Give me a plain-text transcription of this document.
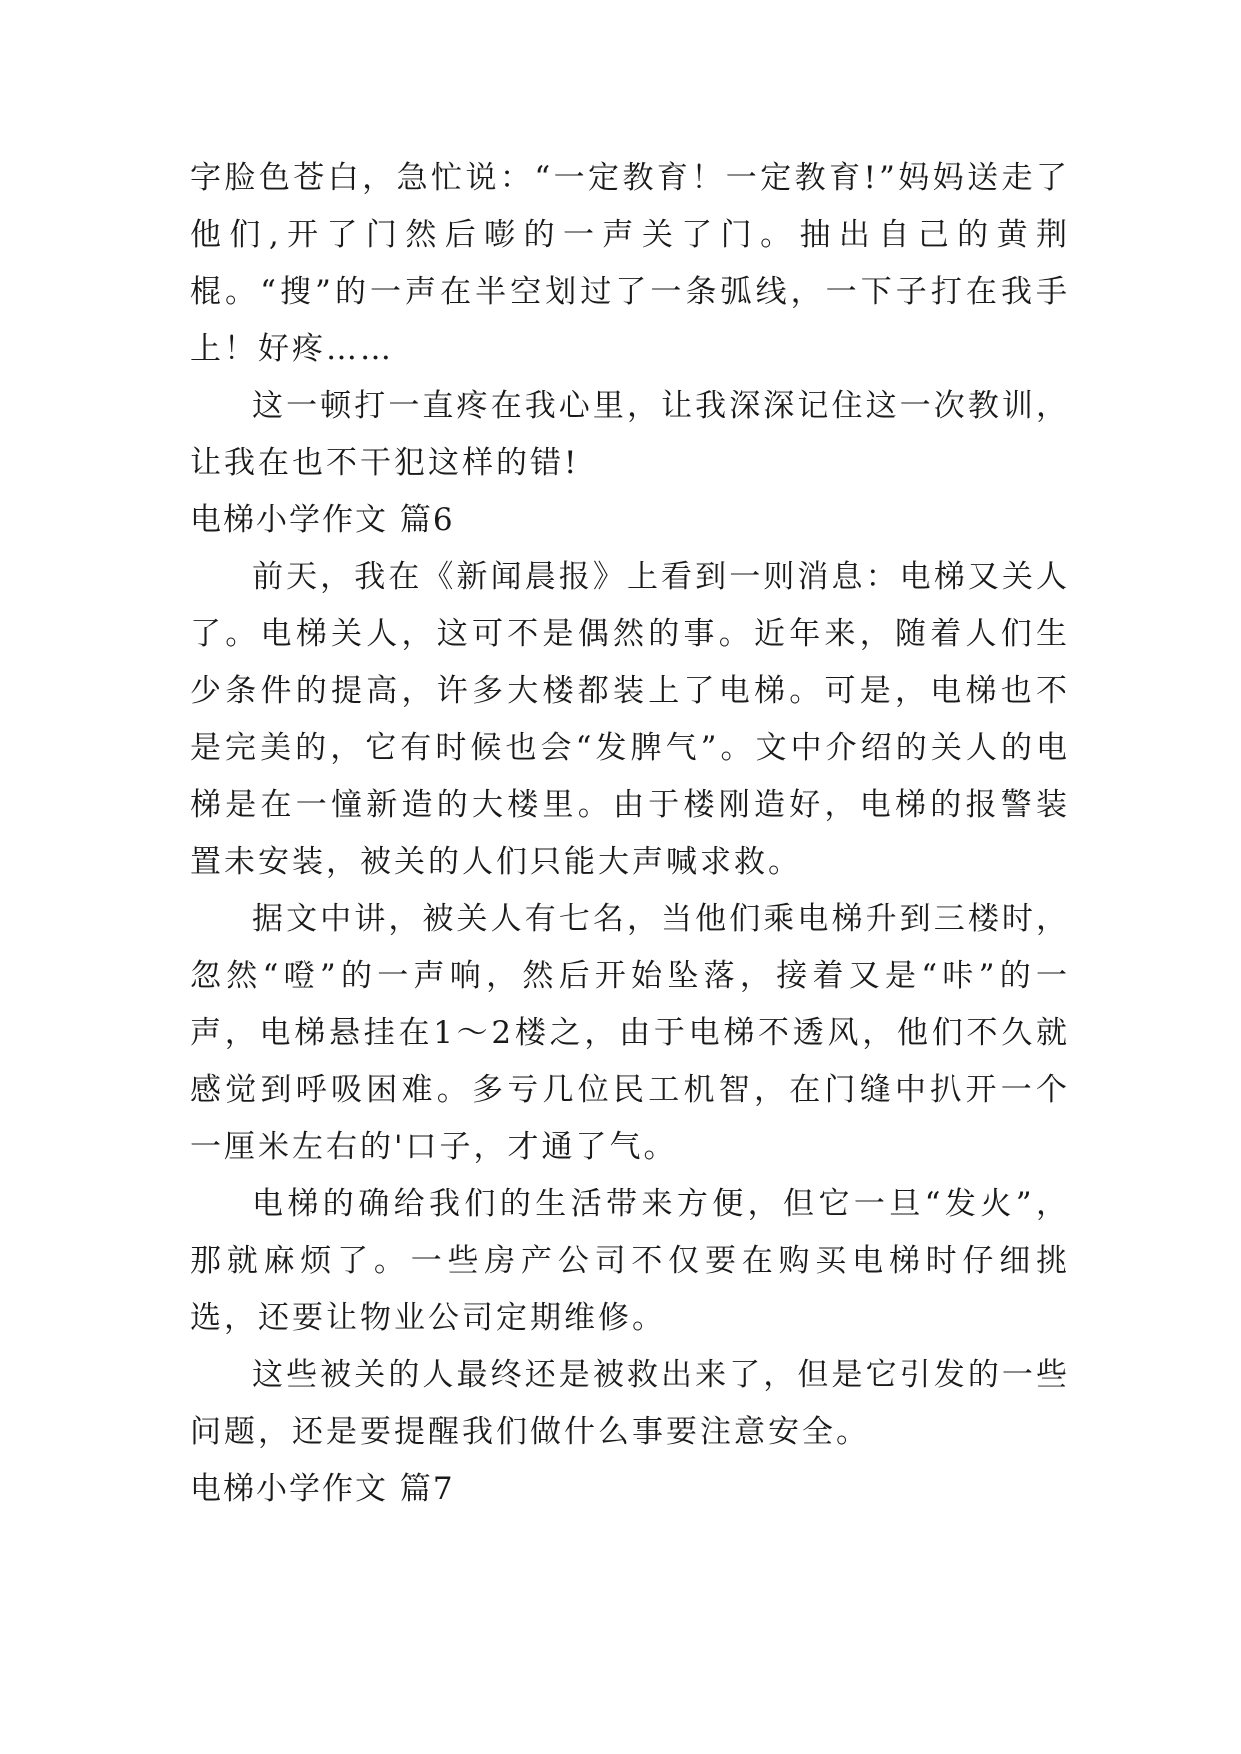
字脸色苍白，急忙说：“一定教育！一定教育!”妈妈送走了他们,开了门然后嘭的一声关了门。抽出自己的黄荆棍。“搜”的一声在半空划过了一条弧线，一下子打在我手上！好疼……

这一顿打一直疼在我心里，让我深深记住这一次教训，让我在也不干犯这样的错!

电梯小学作文 篇6

前天，我在《新闻晨报》上看到一则消息：电梯又关人了。电梯关人，这可不是偶然的事。近年来，随着人们生少条件的提高，许多大楼都装上了电梯。可是，电梯也不是完美的，它有时候也会“发脾气”。文中介绍的关人的电梯是在一憧新造的大楼里。由于楼刚造好，电梯的报警装置未安装，被关的人们只能大声喊求救。

据文中讲，被关人有七名，当他们乘电梯升到三楼时，忽然“噔”的一声响，然后开始坠落，接着又是“咔”的一声，电梯悬挂在1～2楼之，由于电梯不透风，他们不久就感觉到呼吸困难。多亏几位民工机智，在门缝中扒开一个一厘米左右的'口子，才通了气。

电梯的确给我们的生活带来方便，但它一旦“发火”，那就麻烦了。一些房产公司不仅要在购买电梯时仔细挑选，还要让物业公司定期维修。

这些被关的人最终还是被救出来了，但是它引发的一些问题，还是要提醒我们做什么事要注意安全。

电梯小学作文 篇7
